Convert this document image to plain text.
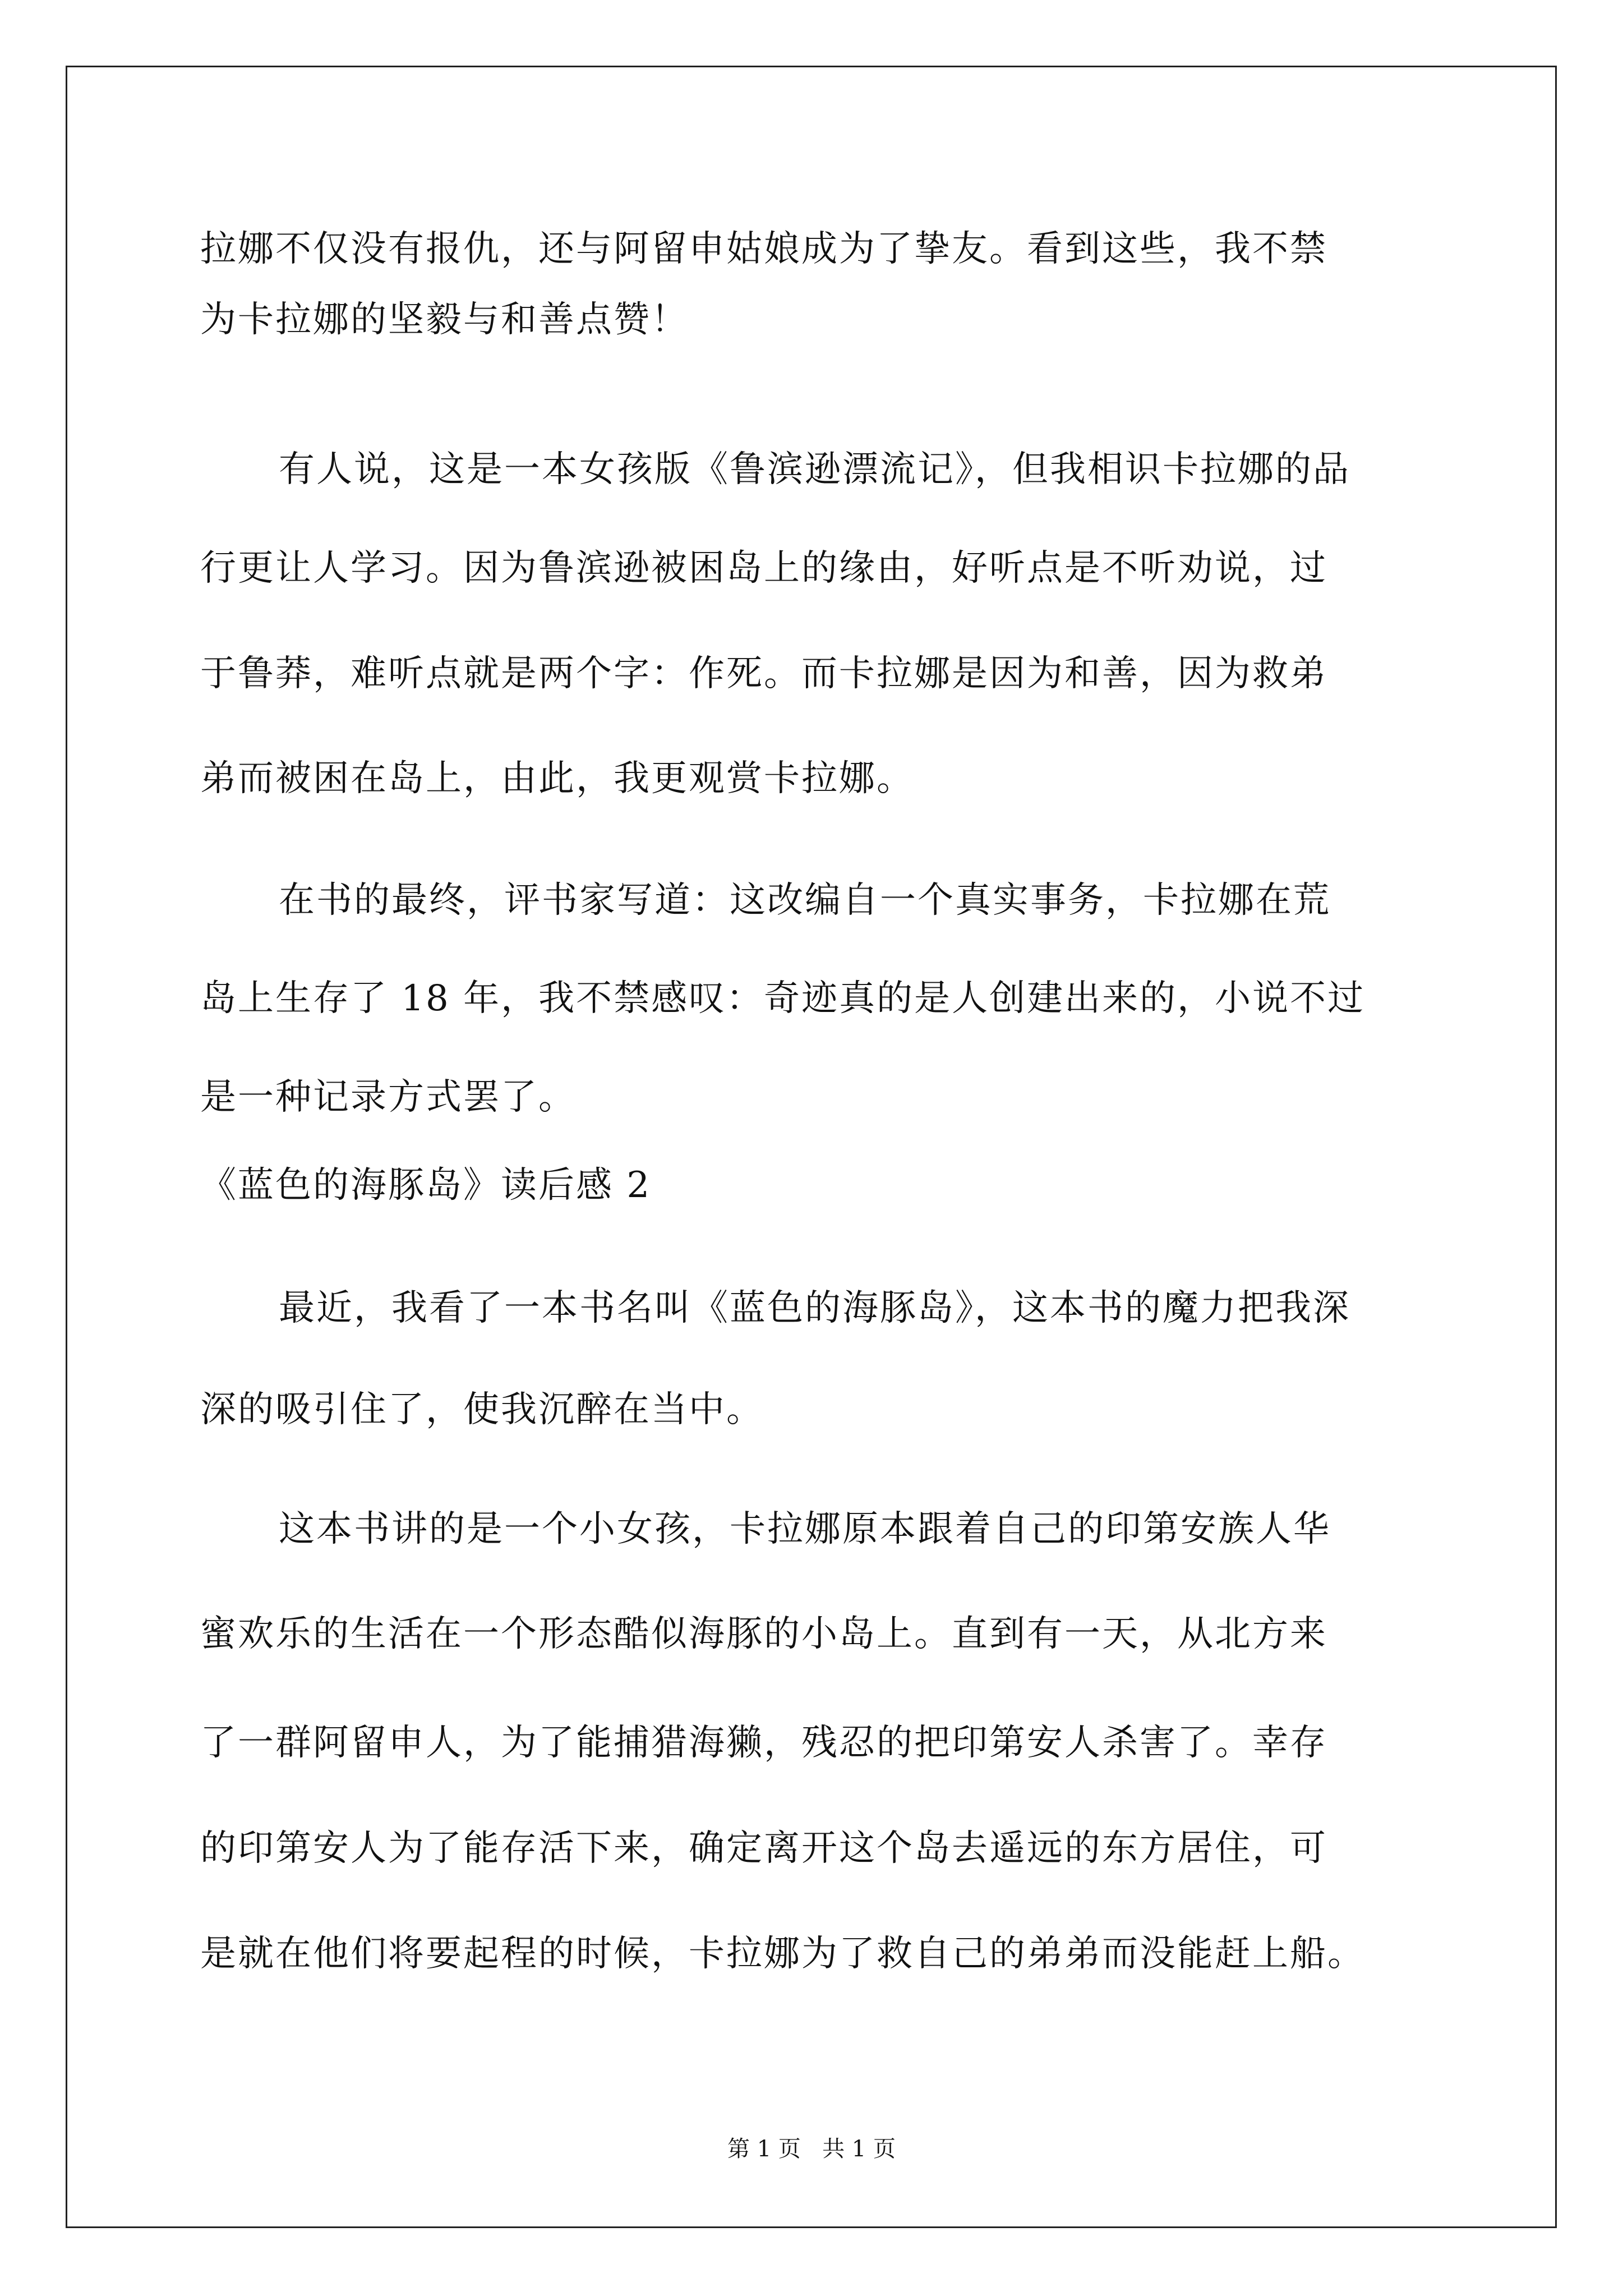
拉娜不仅没有报仇，还与阿留申姑娘成为了挚友。看到这些，我不禁
为卡拉娜的坚毅与和善点赞！
有人说，这是一本女孩版《鲁滨逊漂流记》，但我相识卡拉娜的品
行更让人学习。因为鲁滨逊被困岛上的缘由，好听点是不听劝说，过
于鲁莽，难听点就是两个字：作死。而卡拉娜是因为和善，因为救弟
弟而被困在岛上，由此，我更观赏卡拉娜。
在书的最终，评书家写道：这改编自一个真实事务，卡拉娜在荒
岛上生存了 18 年，我不禁感叹：奇迹真的是人创建出来的，小说不过
是一种记录方式罢了。
《蓝色的海豚岛》读后感 2
最近，我看了一本书名叫《蓝色的海豚岛》，这本书的魔力把我深
深的吸引住了，使我沉醉在当中。
这本书讲的是一个小女孩，卡拉娜原本跟着自己的印第安族人华
蜜欢乐的生活在一个形态酷似海豚的小岛上。直到有一天，从北方来
了一群阿留申人，为了能捕猎海獭，残忍的把印第安人杀害了。幸存
的印第安人为了能存活下来，确定离开这个岛去遥远的东方居住，可
是就在他们将要起程的时候，卡拉娜为了救自己的弟弟而没能赶上船。
第 1 页   共 1 页
